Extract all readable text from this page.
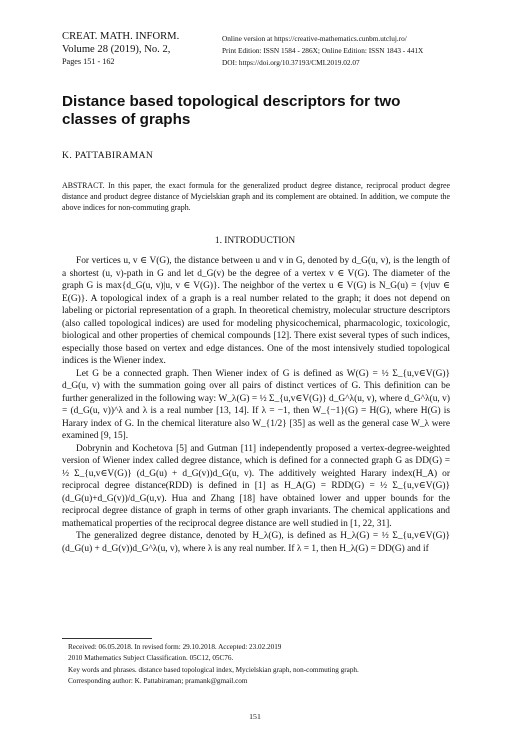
CREAT. MATH. INFORM.
Volume 28 (2019), No. 2,
Pages 151 - 162
Online version at https://creative-mathematics.cunbm.utcluj.ro/
Print Edition: ISSN 1584 - 286X; Online Edition: ISSN 1843 - 441X
DOI: https://doi.org/10.37193/CMI.2019.02.07
Distance based topological descriptors for two classes of graphs
K. PATTABIRAMAN
ABSTRACT. In this paper, the exact formula for the generalized product degree distance, reciprocal product degree distance and product degree distance of Mycielskian graph and its complement are obtained. In addition, we compute the above indices for non-commuting graph.
1. INTRODUCTION

For vertices u, v ∈ V(G), the distance between u and v in G, denoted by d_G(u, v), is the length of a shortest (u, v)-path in G and let d_G(v) be the degree of a vertex v ∈ V(G). The diameter of the graph G is max{d_G(u, v)|u, v ∈ V(G)}. The neighbor of the vertex u ∈ V(G) is N_G(u) = {v|uv ∈ E(G)}. A topological index of a graph is a real number related to the graph; it does not depend on labeling or pictorial representation of a graph. In theoretical chemistry, molecular structure descriptors (also called topological indices) are used for modeling physicochemical, pharmacologic, toxicologic, biological and other properties of chemical compounds [12]. There exist several types of such indices, especially those based on vertex and edge distances. One of the most intensively studied topological indices is the Wiener index.

Let G be a connected graph. Then Wiener index of G is defined as W(G) = ½ Σ_{u,v∈V(G)} d_G(u, v) with the summation going over all pairs of distinct vertices of G. This definition can be further generalized in the following way: W_λ(G) = ½ Σ_{u,v∈V(G)} d_G^λ(u, v), where d_G^λ(u, v) = (d_G(u, v))^λ and λ is a real number [13, 14]. If λ = −1, then W_{−1}(G) = H(G), where H(G) is Harary index of G. In the chemical literature also W_{1/2} [35] as well as the general case W_λ were examined [9, 15].

Dobrynin and Kochetova [5] and Gutman [11] independently proposed a vertex-degree-weighted version of Wiener index called degree distance, which is defined for a connected graph G as DD(G) = ½ Σ_{u,v∈V(G)} (d_G(u) + d_G(v))d_G(u, v). The additively weighted Harary index(H_A) or reciprocal degree distance(RDD) is defined in [1] as H_A(G) = RDD(G) = ½ Σ_{u,v∈V(G)} (d_G(u)+d_G(v))/d_G(u,v). Hua and Zhang [18] have obtained lower and upper bounds for the reciprocal degree distance of graph in terms of other graph invariants. The chemical applications and mathematical properties of the reciprocal degree distance are well studied in [1, 22, 31].

The generalized degree distance, denoted by H_λ(G), is defined as H_λ(G) = ½ Σ_{u,v∈V(G)} (d_G(u) + d_G(v))d_G^λ(u, v), where λ is any real number. If λ = 1, then H_λ(G) = DD(G) and if

Received: 06.05.2018. In revised form: 29.10.2018. Accepted: 23.02.2019
2010 Mathematics Subject Classification. 05C12, 05C76.
Key words and phrases. distance based topological index, Mycielskian graph, non-commuting graph.
Corresponding author: K. Pattabiraman; pramank@gmail.com
151
